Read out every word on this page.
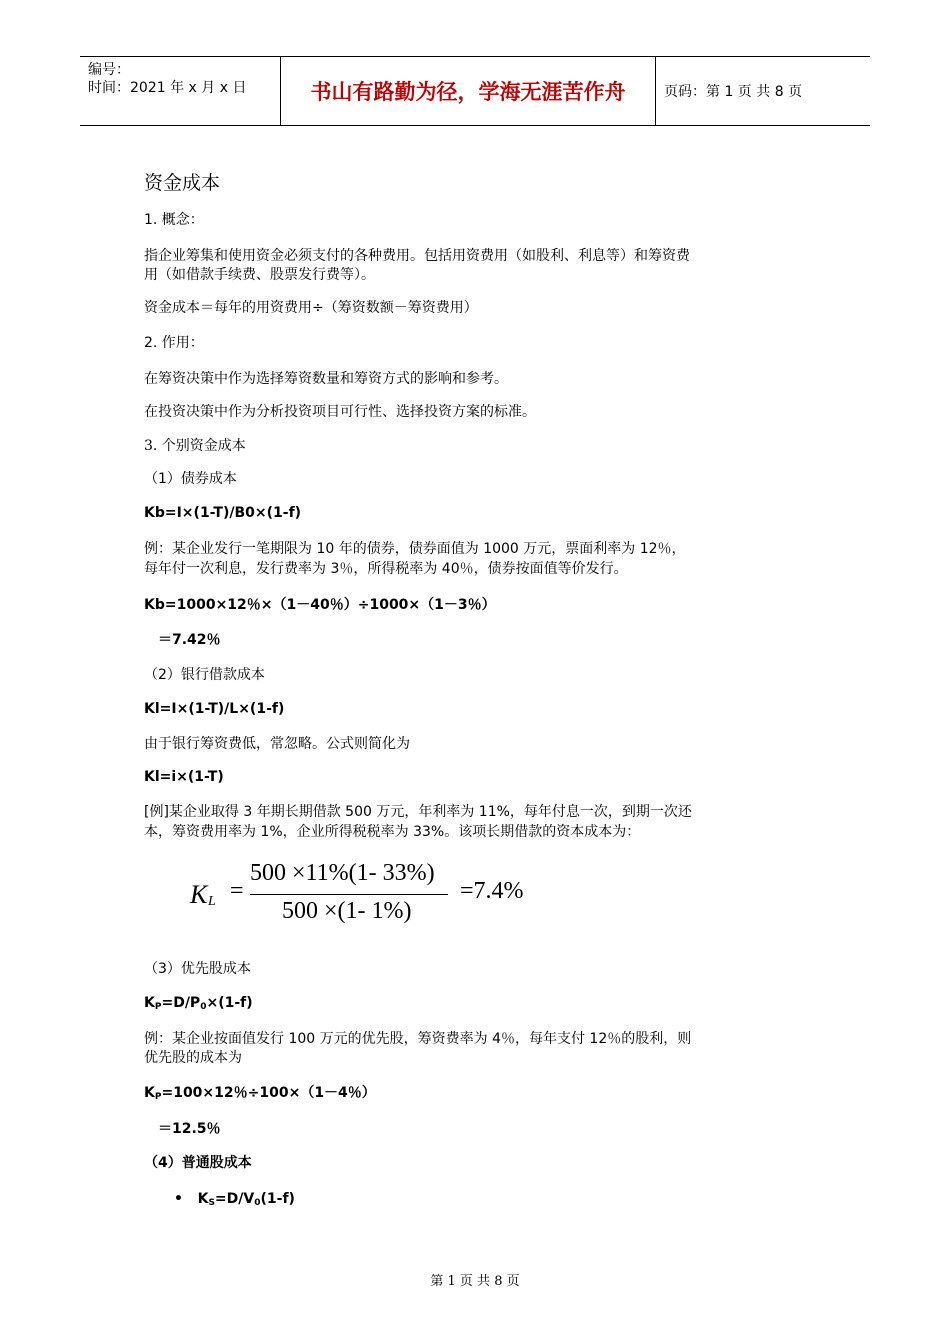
编号：
时间：2021 年 x 月 x 日	书山有路勤为径，学海无涯苦作舟	页码：第 1 页 共 8 页
资金成本
1. 概念：
指企业筹集和使用资金必须支付的各种费用。包括用资费用（如股利、利息等）和筹资费
用（如借款手续费、股票发行费等）。
资金成本＝每年的用资费用÷（筹资数额－筹资费用）
2. 作用：
在筹资决策中作为选择筹资数量和筹资方式的影响和参考。
在投资决策中作为分析投资项目可行性、选择投资方案的标准。
3. 个别资金成本
（1）债券成本
Kb=I×(1-T)/B0×(1-f)
例：某企业发行一笔期限为 10 年的债券，债券面值为 1000 万元，票面利率为 12％，
每年付一次利息，发行费率为 3％，所得税率为 40％，债券按面值等价发行。
Kb=1000×12％×（1－40％）÷1000×（1－3％）
＝7.42％
（2）银行借款成本
Kl=I×(1-T)/L×(1-f)
由于银行筹资费低，常忽略。公式则简化为
Kl=i×(1-T)
[例]某企业取得 3 年期长期借款 500 万元，年利率为 11%，每年付息一次，到期一次还
本，筹资费用率为 1%，企业所得税税率为 33%。该项长期借款的资本成本为：
（3）优先股成本
$K_P=D/P_0\times(1-f)$
例：某企业按面值发行 100 万元的优先股，筹资费率为 4％，每年支付 12％的股利，则
优先股的成本为
$K_P=100\times 12$％÷100×（1－4％）
＝12.5％
（4）普通股成本
• $K_S=D/V_0(1-f)$
K L =
500 ×11%(1- 33%)
500 ×(1- 1%)
=7.4%
第 1 页 共 8 页
